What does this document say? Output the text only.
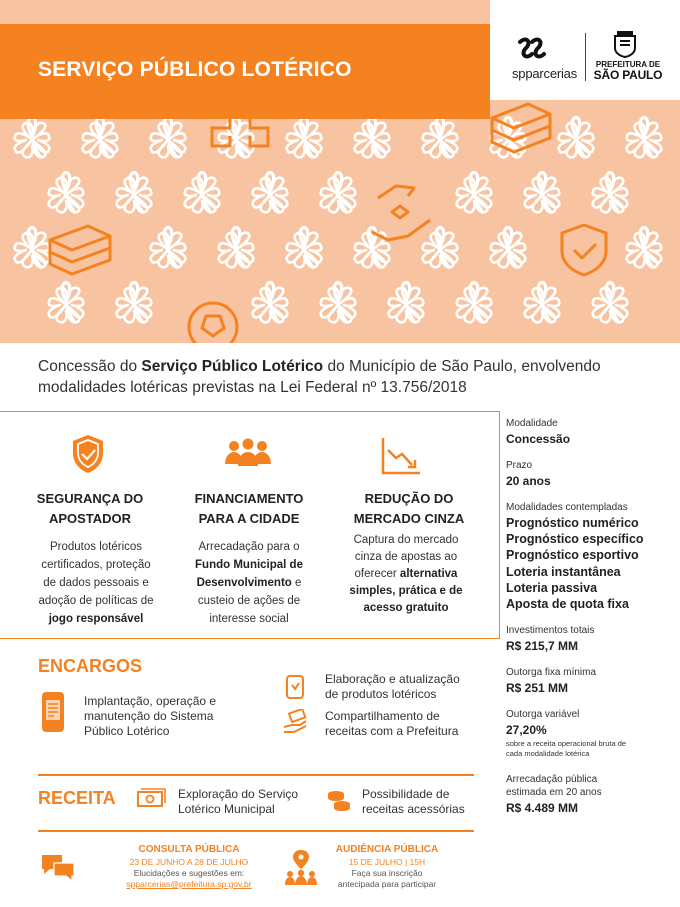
SERVIÇO PÚBLICO LOTÉRICO	spparcerias
PREFEITURA DE
SÃO PAULO
Concessão do Serviço Público Lotérico do Município de São Paulo, envolvendo modalidades lotéricas previstas na Lei Federal nº 13.756/2018
SEGURANÇA DO
APOSTADOR
Produtos lotéricos
certificados, proteção
de dados pessoais e
adoção de políticas de
jogo responsável
FINANCIAMENTO
PARA A CIDADE
Arrecadação para o
Fundo Municipal de
Desenvolvimento e
custeio de ações de
interesse social
REDUÇÃO DO
MERCADO CINZA
Captura do mercado
cinza de apostas ao
oferecer alternativa
simples, prática e de
acesso gratuito
ENCARGOS
Implantação, operação e
manutenção do Sistema
Público Lotérico
Elaboração e atualização
de produtos lotéricos
Compartilhamento de
receitas com a Prefeitura
RECEITA	Exploração do Serviço
Lotérico Municipal
Possibilidade de
receitas acessórias
CONSULTA PÚBLICA
23 DE JUNHO A 28 DE JULHO
Elucidações e sugestões em:
spparcerias@prefeitura.sp.gov.br
AUDIÊNCIA PÚBLICA
15 DE JULHO | 15H
Faça sua inscrição
antecipada para participar
Modalidade
Concessão
Prazo
20 anos
Modalidades contempladas
Prognóstico numérico
Prognóstico específico
Prognóstico esportivo
Loteria instantânea
Loteria passiva
Aposta de quota fixa
Investimentos totais
R$ 215,7 MM
Outorga fixa mínima
R$ 251 MM
Outorga variável
27,20%
sobre a receita operacional bruta de
cada modalidade lotérica
Arrecadação pública
estimada em 20 anos
R$ 4.489 MM
